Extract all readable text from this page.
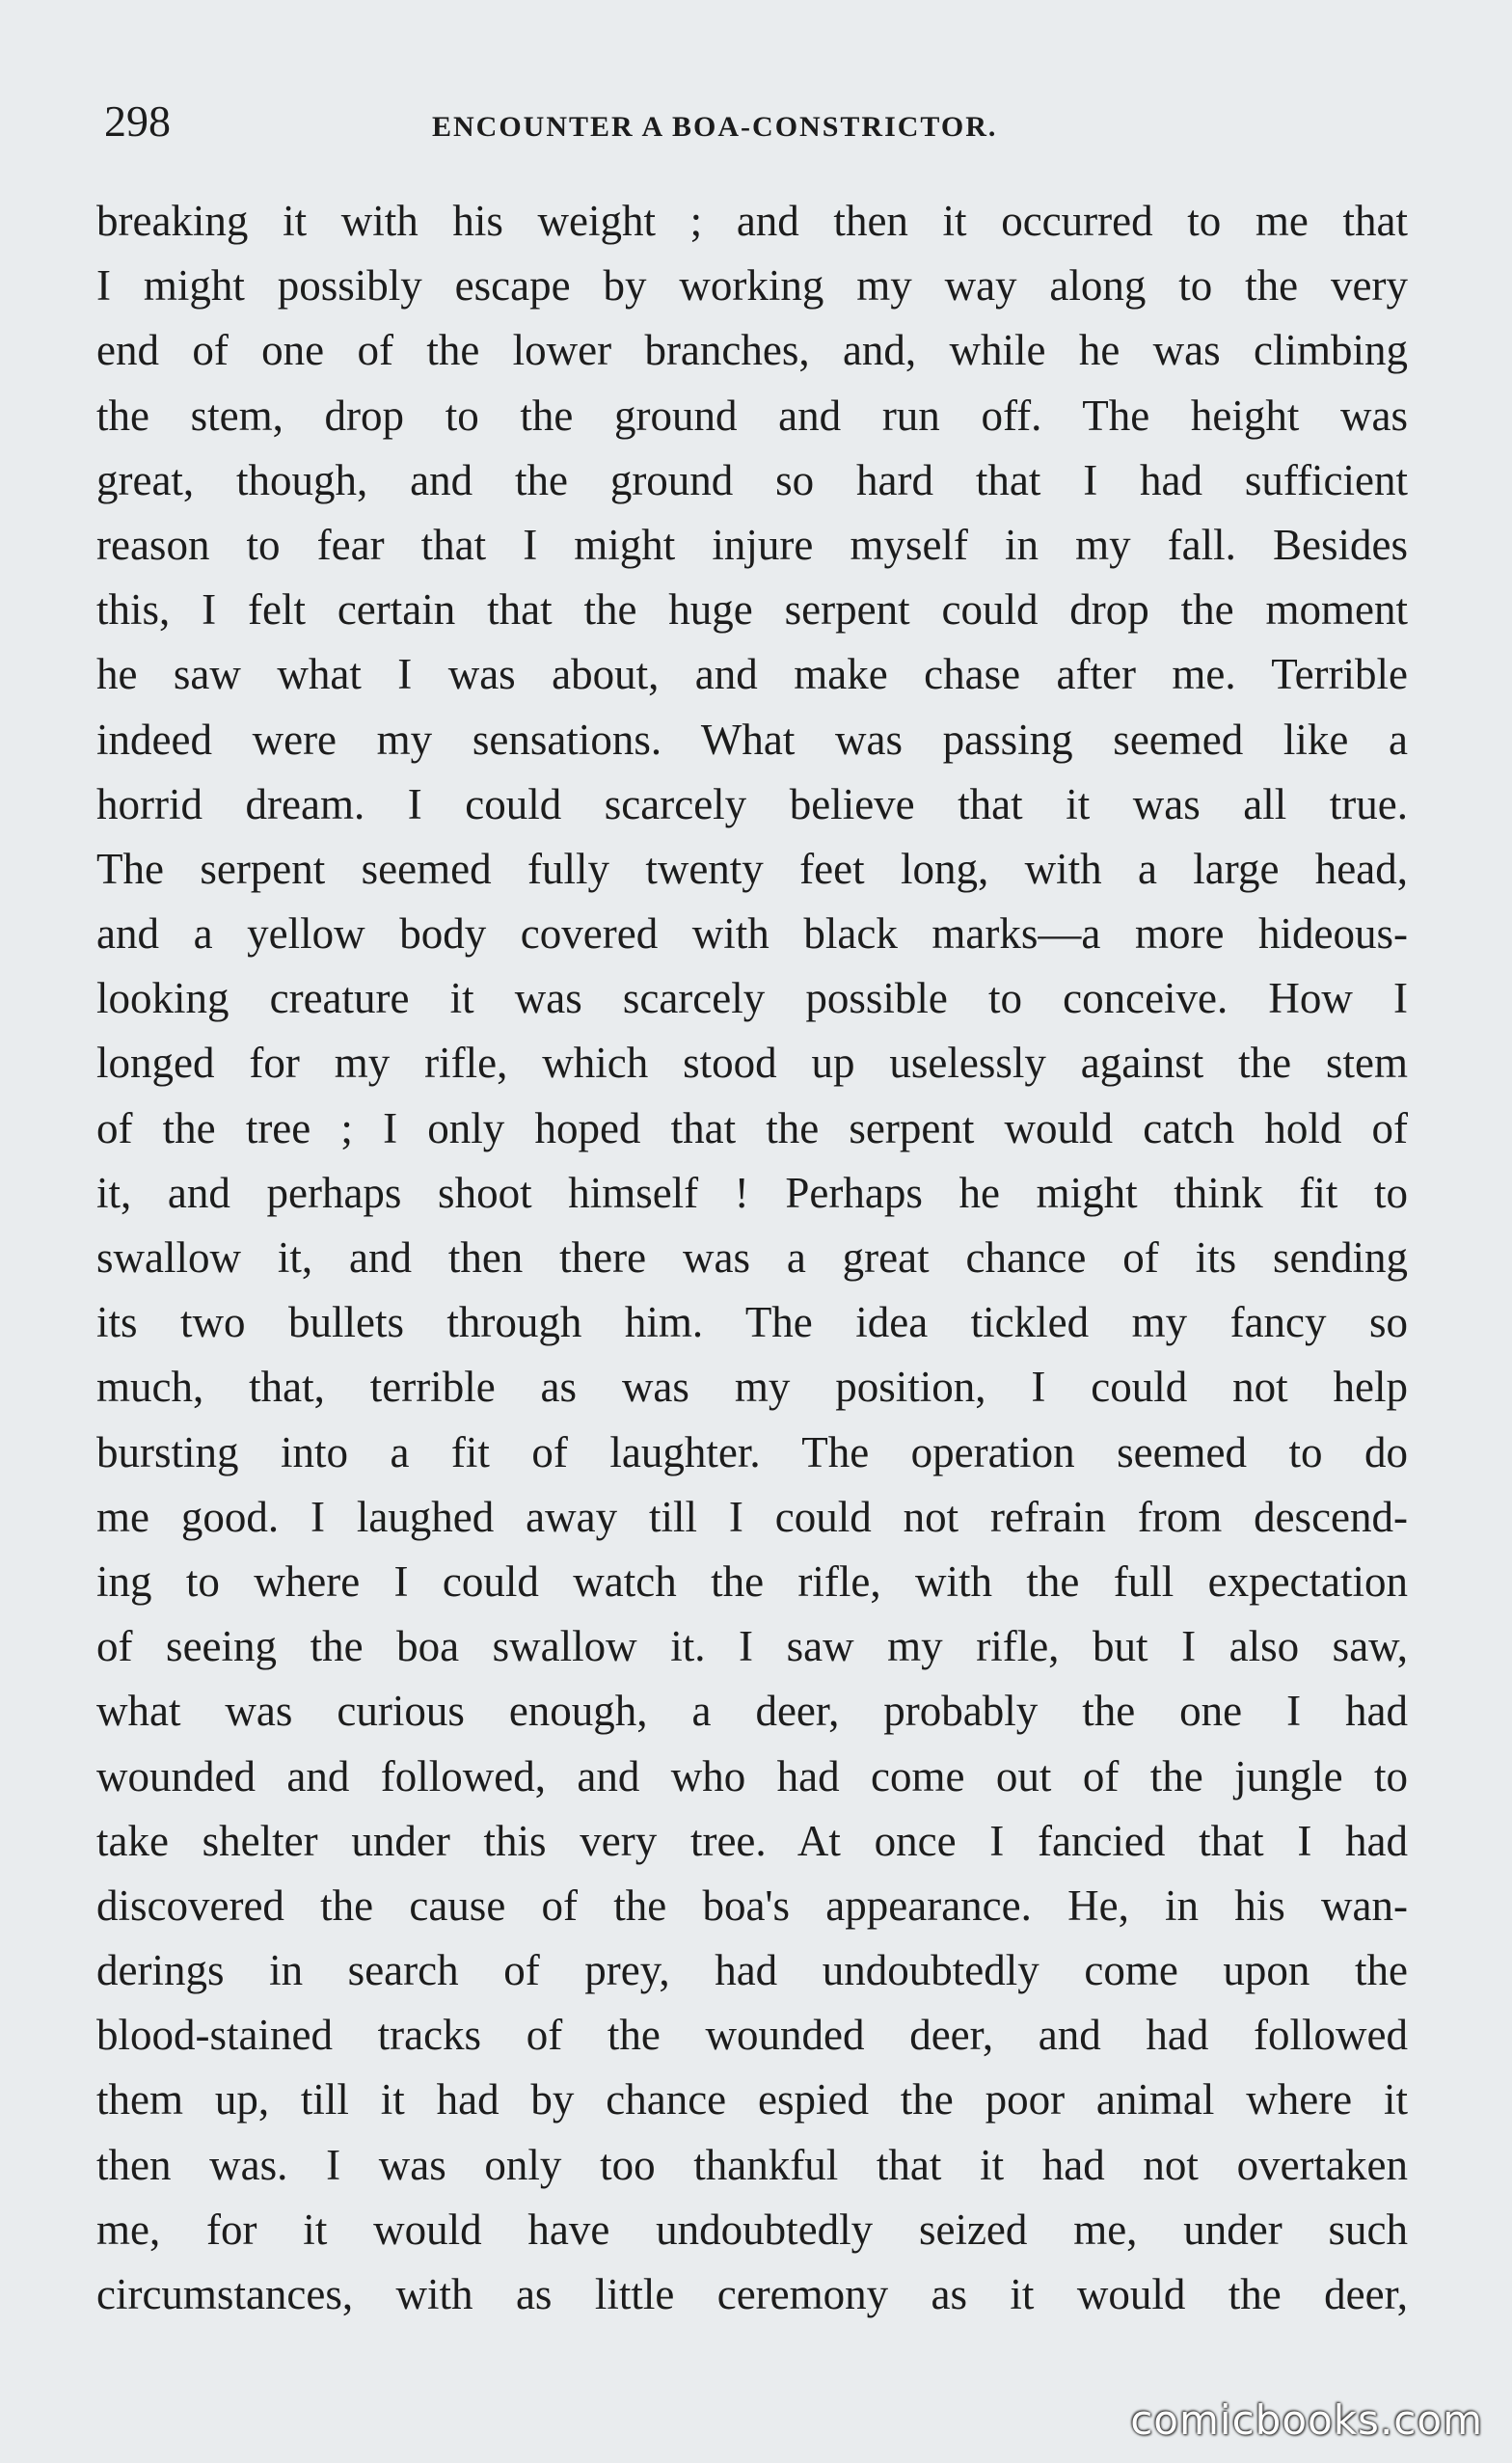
298	ENCOUNTER A BOA-CONSTRICTOR.
breaking it with his weight ; and then it occurred to me that
I might possibly escape by working my way along to the very
end of one of the lower branches, and, while he was climbing
the stem, drop to the ground and run off. The height was
great, though, and the ground so hard that I had sufficient
reason to fear that I might injure myself in my fall. Besides
this, I felt certain that the huge serpent could drop the moment
he saw what I was about, and make chase after me. Terrible
indeed were my sensations. What was passing seemed like a
horrid dream. I could scarcely believe that it was all true.
The serpent seemed fully twenty feet long, with a large head,
and a yellow body covered with black marks—a more hideous-
looking creature it was scarcely possible to conceive. How I
longed for my rifle, which stood up uselessly against the stem
of the tree ; I only hoped that the serpent would catch hold of
it, and perhaps shoot himself ! Perhaps he might think fit to
swallow it, and then there was a great chance of its sending
its two bullets through him. The idea tickled my fancy so
much, that, terrible as was my position, I could not help
bursting into a fit of laughter. The operation seemed to do
me good. I laughed away till I could not refrain from descend-
ing to where I could watch the rifle, with the full expectation
of seeing the boa swallow it. I saw my rifle, but I also saw,
what was curious enough, a deer, probably the one I had
wounded and followed, and who had come out of the jungle to
take shelter under this very tree. At once I fancied that I had
discovered the cause of the boa's appearance. He, in his wan-
derings in search of prey, had undoubtedly come upon the
blood-stained tracks of the wounded deer, and had followed
them up, till it had by chance espied the poor animal where it
then was. I was only too thankful that it had not overtaken
me, for it would have undoubtedly seized me, under such
circumstances, with as little ceremony as it would the deer,
comicbooks.com
